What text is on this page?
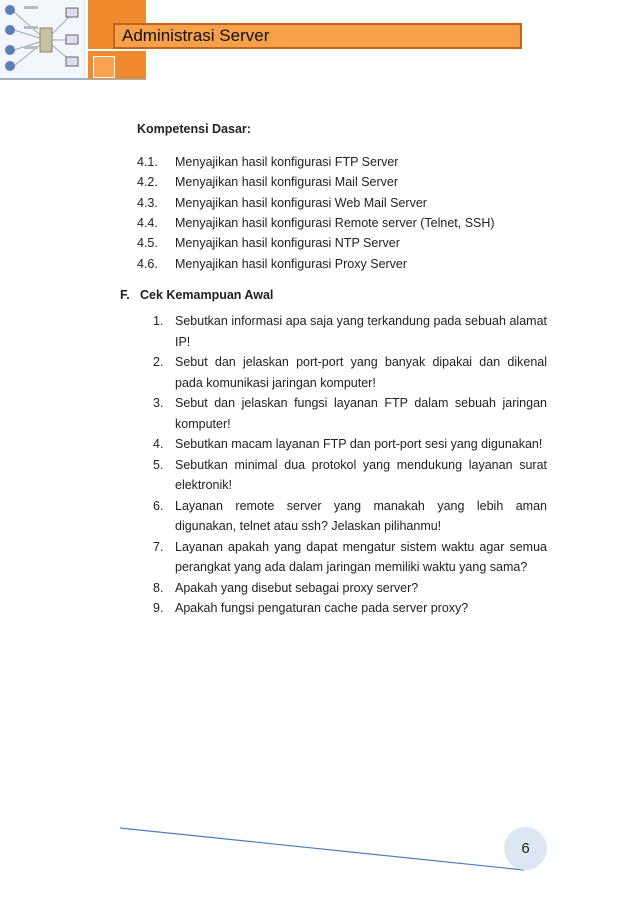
Administrasi Server
Kompetensi Dasar:
4.1.	Menyajikan hasil konfigurasi FTP Server
4.2.	Menyajikan hasil konfigurasi Mail Server
4.3.	Menyajikan hasil konfigurasi Web Mail Server
4.4.	Menyajikan hasil konfigurasi Remote server (Telnet, SSH)
4.5.	Menyajikan hasil konfigurasi NTP Server
4.6.	Menyajikan hasil konfigurasi Proxy Server
F. Cek Kemampuan Awal
1. Sebutkan informasi apa saja yang terkandung pada sebuah alamat IP!
2. Sebut dan jelaskan port-port yang banyak dipakai dan dikenal pada komunikasi jaringan komputer!
3. Sebut dan jelaskan fungsi layanan FTP dalam sebuah jaringan komputer!
4. Sebutkan macam layanan FTP dan port-port sesi yang digunakan!
5. Sebutkan minimal dua protokol yang mendukung layanan surat elektronik!
6. Layanan remote server yang manakah yang lebih aman digunakan, telnet atau ssh? Jelaskan pilihanmu!
7. Layanan apakah yang dapat mengatur sistem waktu agar semua perangkat yang ada dalam jaringan memiliki waktu yang sama?
8. Apakah yang disebut sebagai proxy server?
9. Apakah fungsi pengaturan cache pada server proxy?
6
